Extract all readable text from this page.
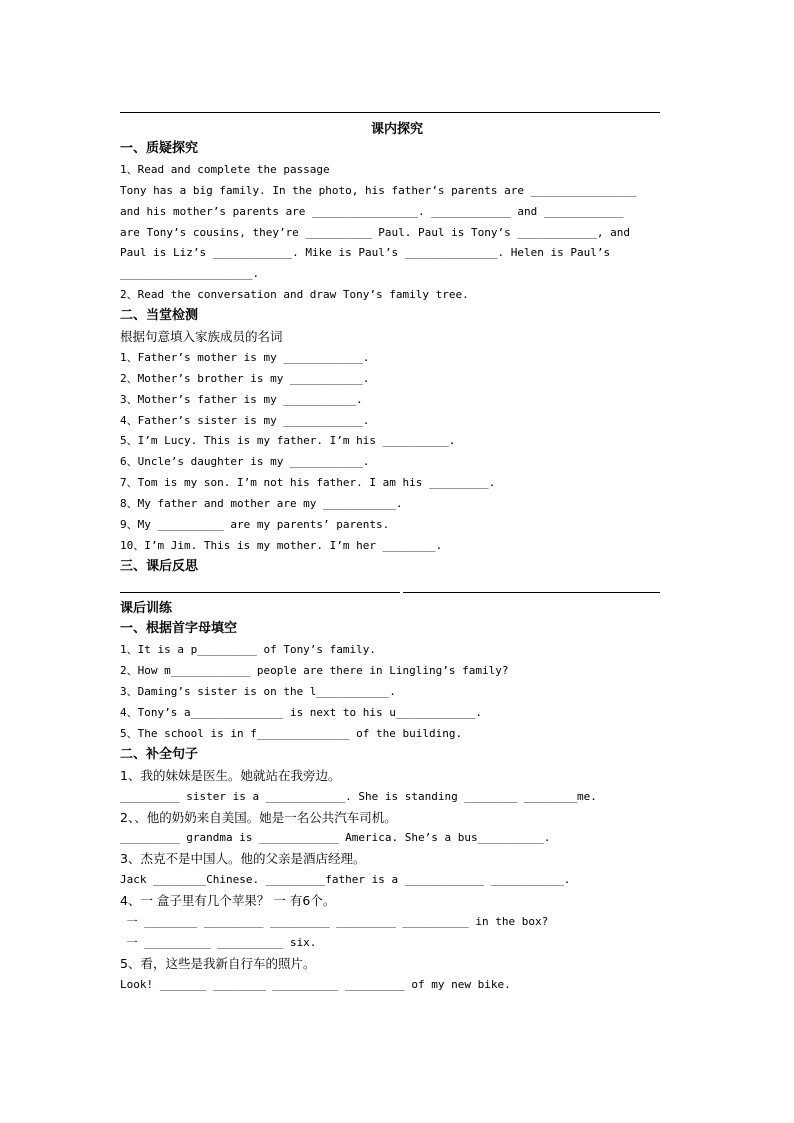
课内探究
一、质疑探究
1、Read and complete the passage
Tony has a big family. In the photo, his father’s parents are ________________
and his mother’s parents are ________________. ____________ and ____________
are Tony’s cousins, they’re __________ Paul. Paul is Tony’s ____________, and
Paul is Liz’s ____________. Mike is Paul’s ______________. Helen is Paul’s
____________________.
2、Read the conversation and draw Tony’s family tree.
二、当堂检测
根据句意填入家族成员的名词
1、Father’s mother is my ____________.
2、Mother’s brother is my ___________.
3、Mother’s father is my ___________.
4、Father’s sister is my ____________.
5、I’m Lucy. This is my father. I’m his __________.
6、Uncle’s daughter is my ___________.
7、Tom is my son. I’m not his father. I am his _________.
8、My father and mother are my ___________.
9、My __________ are my parents’ parents.
10、I’m Jim. This is my mother. I’m her ________.
三、课后反思
课后训练
一、根据首字母填空
1、It is a p_________ of Tony’s family.
2、How m____________ people are there in Lingling’s family?
3、Daming’s sister is on the l___________.
4、Tony’s a______________ is next to his u____________.
5、The school is in f______________ of the building.
二、补全句子
1、我的妹妹是医生。她就站在我旁边。
_________ sister is a ____________. She is standing ________ ________me.
2、、他的奶奶来自美国。她是一名公共汽车司机。
_________ grandma is ____________ America. She’s a bus__________.
3、杰克不是中国人。他的父亲是酒店经理。
Jack ________Chinese. _________father is a ____________ ___________.
4、一 盒子里有几个苹果？ 一 有6个。
一 ________ _________ _________ _________ __________ in the box?
一 __________ __________ six.
5、看，这些是我新自行车的照片。
Look! _______ ________ __________ _________ of my new bike.
